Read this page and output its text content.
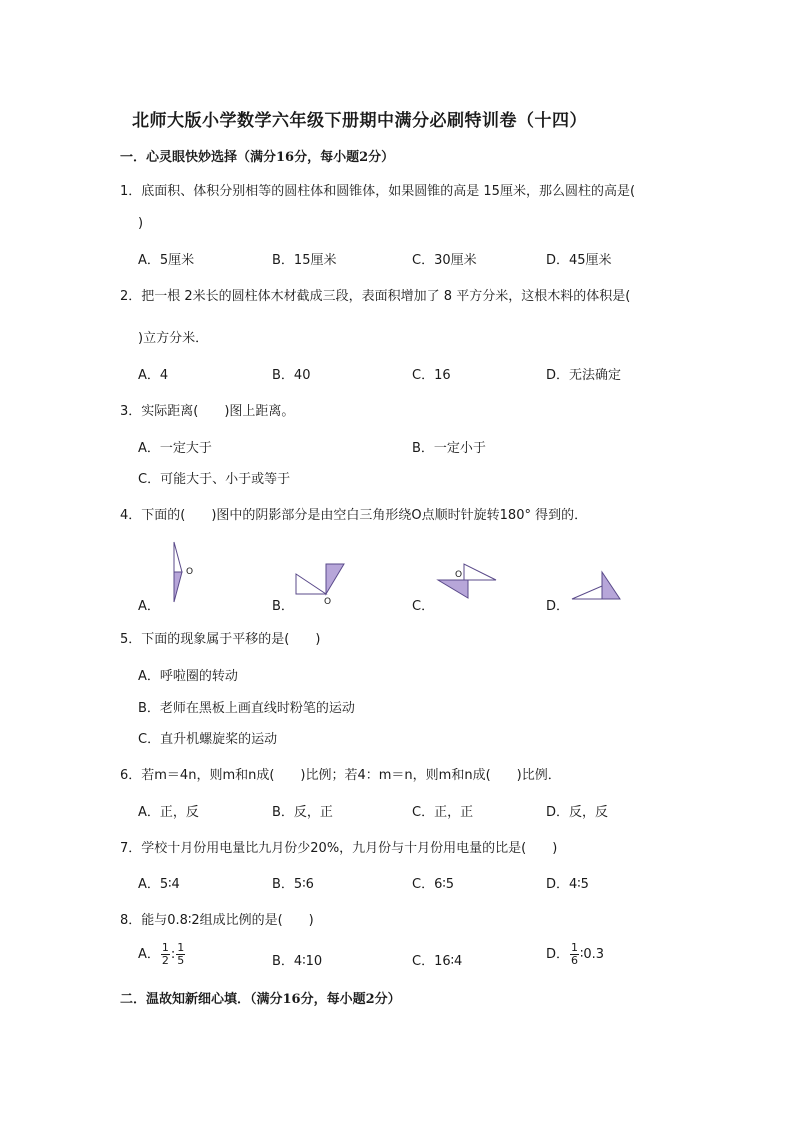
北师大版小学数学六年级下册期中满分必刷特训卷（十四）
一．心灵眼快妙选择（满分16分，每小题2分）
1．底面积、体积分别相等的圆柱体和圆锥体，如果圆锥的高是 15厘米，那么圆柱的高是(
)
A．5厘米	B．15厘米	C．30厘米	D．45厘米
2．把一根 2米长的圆柱体木材截成三段，表面积增加了 8 平方分米，这根木料的体积是(
)立方分米．
A．4	B．40	C．16	D．无法确定
3．实际距离(　　)图上距离。
A．一定大于	B．一定小于
C．可能大于、小于或等于
4．下面的(　　)图中的阴影部分是由空白三角形绕O点顺时针旋转180° 得到的．
A．
O
B．	O	C．
O
D．
5．下面的现象属于平移的是(　　)
A．呼啦圈的转动
B．老师在黑板上画直线时粉笔的运动
C．直升机螺旋桨的运动
6．若m＝4n，则m和n成(　　)比例；若4：m＝n，则m和n成(　　)比例．
A．正，反	B．反，正	C．正，正	D．反，反
7．学校十月份用电量比九月份少20%，九月份与十月份用电量的比是(　　)
A．5∶4	B．5∶6	C．6∶5	D．4∶5
8．能与0.8∶2组成比例的是(　　)
A． $\frac{1}{2}$ : $\frac{1}{5}$	B．4∶10	C．16∶4	D． $\frac{1}{6}$ ∶0.3
二．温故知新细心填．（满分16分，每小题2分）
